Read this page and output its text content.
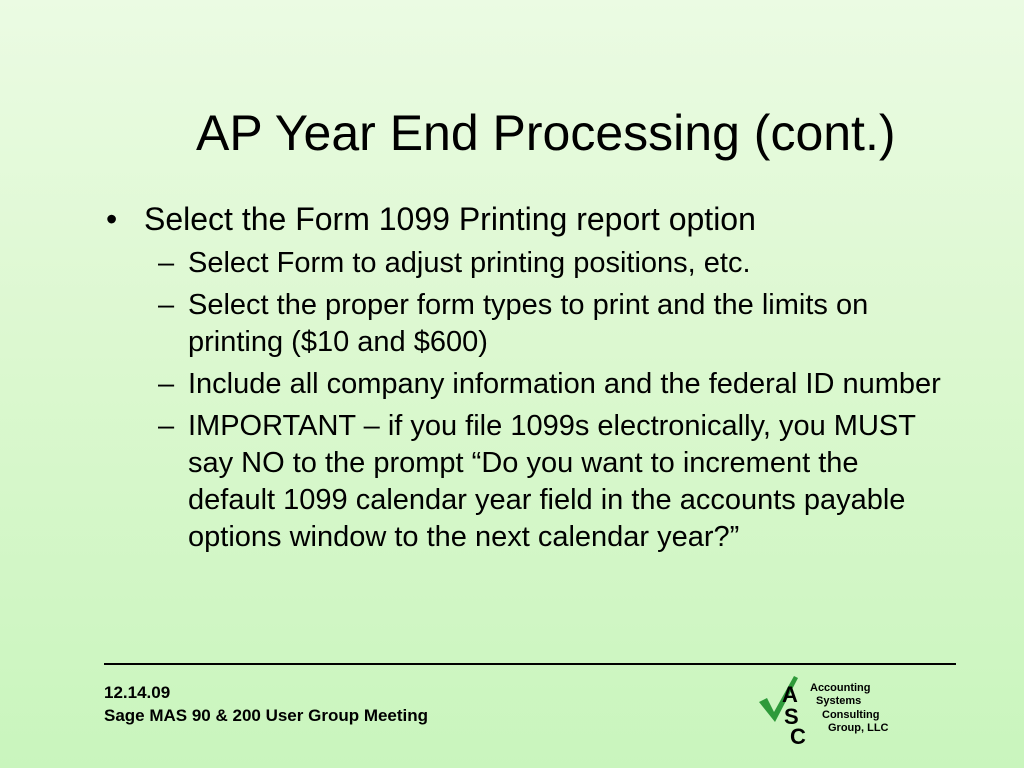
AP Year End Processing (cont.)
• Select the Form 1099 Printing report option
– Select Form to adjust printing positions, etc.
– Select the proper form types to print and the limits on printing ($10 and $600)
– Include all company information and the federal ID number
– IMPORTANT – if you file 1099s electronically, you MUST say NO to the prompt “Do you want to increment the default 1099 calendar year field in the accounts payable options window to the next calendar year?”
12.14.09
Sage MAS 90 & 200 User Group Meeting
A
S
C
Accounting
Systems
Consulting
Group, LLC
